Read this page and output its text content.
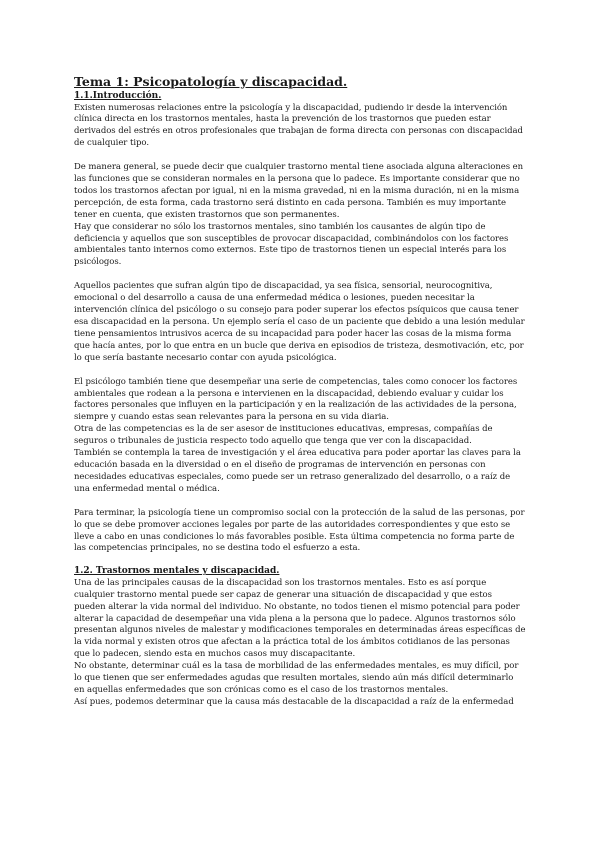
Tema 1: Psicopatología y discapacidad.
1.1.Introducción.

Existen numerosas relaciones entre la psicología y la discapacidad, pudiendo ir desde la intervención clínica directa en los trastornos mentales, hasta la prevención de los trastornos que pueden estar derivados del estrés en otros profesionales que trabajan de forma directa con personas con discapacidad de cualquier tipo.

De manera general, se puede decir que cualquier trastorno mental tiene asociada alguna alteraciones en las funciones que se consideran normales en la persona que lo padece. Es importante considerar que no todos los trastornos afectan por igual, ni en la misma gravedad, ni en la misma duración, ni en la misma percepción, de esta forma, cada trastorno será distinto en cada persona. También es muy importante tener en cuenta, que existen trastornos que son permanentes.

Hay que considerar no sólo los trastornos mentales, sino también los causantes de algún tipo de deficiencia y aquellos que son susceptibles de provocar discapacidad, combinándolos con los factores ambientales tanto internos como externos. Este tipo de trastornos tienen un especial interés para los psicólogos.

Aquellos pacientes que sufran algún tipo de discapacidad, ya sea física, sensorial, neurocognitiva, emocional o del desarrollo a causa de una enfermedad médica o lesiones, pueden necesitar la intervención clínica del psicólogo o su consejo para poder superar los efectos psíquicos que causa tener esa discapacidad en la persona. Un ejemplo sería el caso de un paciente que debido a una lesión medular tiene pensamientos intrusivos acerca de su incapacidad para poder hacer las cosas de la misma forma que hacía antes, por lo que entra en un bucle que deriva en episodios de tristeza, desmotivación, etc, por lo que sería bastante necesario contar con ayuda psicológica.

El psicólogo también tiene que desempeñar una serie de competencias, tales como conocer los factores ambientales que rodean a la persona e intervienen en la discapacidad, debiendo evaluar y cuidar los factores personales que influyen en la participación y en la realización de las actividades de la persona, siempre y cuando estas sean relevantes para la persona en su vida diaria.

Otra de las competencias es la de ser asesor de instituciones educativas, empresas, compañías de seguros o tribunales de justicia respecto todo aquello que tenga que ver con la discapacidad.

También se contempla la tarea de investigación y el área educativa para poder aportar las claves para la educación basada en la diversidad o en el diseño de programas de intervención en personas con necesidades educativas especiales, como puede ser un retraso generalizado del desarrollo, o a raíz de una enfermedad mental o médica.

Para terminar, la psicología tiene un compromiso social con la protección de la salud de las personas, por lo que se debe promover acciones legales por parte de las autoridades correspondientes y que esto se lleve a cabo en unas condiciones lo más favorables posible. Esta última competencia no forma parte de las competencias principales, no se destina todo el esfuerzo a esta.

1.2. Trastornos mentales y discapacidad.

Una de las principales causas de la discapacidad son los trastornos mentales. Esto es así porque cualquier trastorno mental puede ser capaz de generar una situación de discapacidad y que estos pueden alterar la vida normal del individuo. No obstante, no todos tienen el mismo potencial para poder alterar la capacidad de desempeñar una vida plena a la persona que lo padece. Algunos trastornos sólo presentan algunos niveles de malestar y modificaciones temporales en determinadas áreas específicas de la vida normal y existen otros que afectan a la práctica total de los ámbitos cotidianos de las personas que lo padecen, siendo esta en muchos casos muy discapacitante.

No obstante, determinar cuál es la tasa de morbilidad de las enfermedades mentales, es muy difícil, por lo que tienen que ser enfermedades agudas que resulten mortales, siendo aún más difícil determinarlo en aquellas enfermedades que son crónicas como es el caso de los trastornos mentales.

Así pues, podemos determinar que la causa más destacable de la discapacidad a raíz de la enfermedad
